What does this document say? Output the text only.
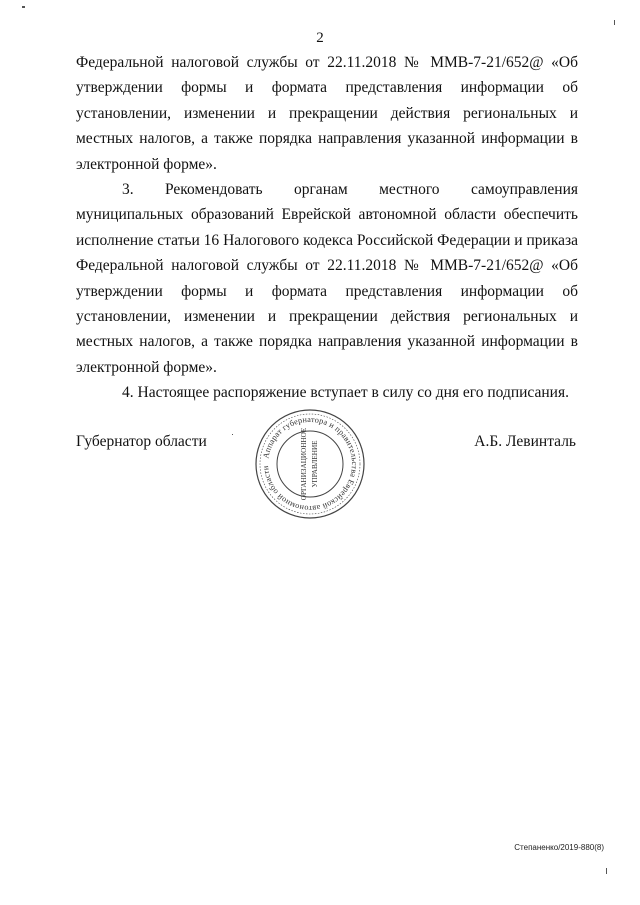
2

Федеральной налоговой службы от 22.11.2018 № ММВ-7-21/652@ «Об утверждении формы и формата представления информации об установлении, изменении и прекращении действия региональных и местных налогов, а также порядка направления указанной информации в электронной форме».

3. Рекомендовать органам местного самоуправления муниципальных образований Еврейской автономной области обеспечить исполнение статьи 16 Налогового кодекса Российской Федерации и приказа Федеральной налоговой службы от 22.11.2018 № ММВ-7-21/652@ «Об утверждении формы и формата представления информации об установлении, изменении и прекращении действия региональных и местных налогов, а также порядка направления указанной информации в электронной форме».

4. Настоящее распоряжение вступает в силу со дня его подписания.

Губернатор области	А.Б. Левинталь
Аппарат губернатора и правительства Еврейской автономной области	ОРГАНИЗАЦИОННОЕ УПРАВЛЕНИЕ
Степаненко/2019-880(8)
